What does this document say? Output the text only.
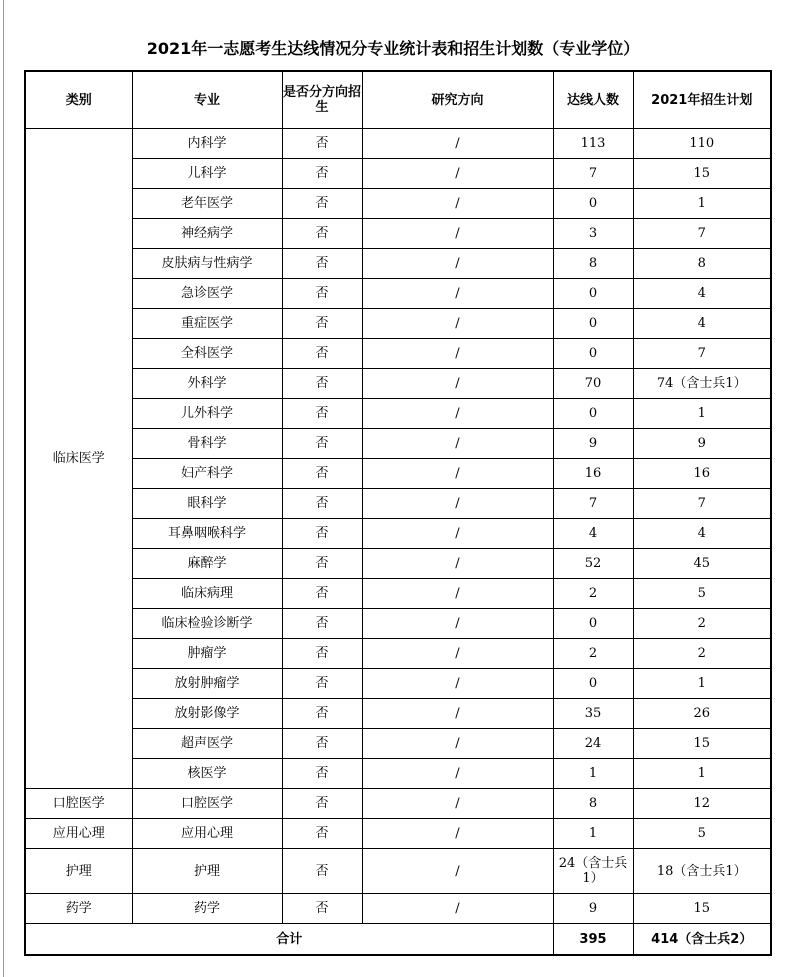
2021年一志愿考生达线情况分专业统计表和招生计划数（专业学位）
类别	专业	是否分方向招生	研究方向	达线人数	2021年招生计划
临床医学	内科学	否	/	113	110
	儿科学	否	/	7	15
	老年医学	否	/	0	1
	神经病学	否	/	3	7
	皮肤病与性病学	否	/	8	8
	急诊医学	否	/	0	4
	重症医学	否	/	0	4
	全科医学	否	/	0	7
	外科学	否	/	70	74（含士兵1）
	儿外科学	否	/	0	1
	骨科学	否	/	9	9
	妇产科学	否	/	16	16
	眼科学	否	/	7	7
	耳鼻咽喉科学	否	/	4	4
	麻醉学	否	/	52	45
	临床病理	否	/	2	5
	临床检验诊断学	否	/	0	2
	肿瘤学	否	/	2	2
	放射肿瘤学	否	/	0	1
	放射影像学	否	/	35	26
	超声医学	否	/	24	15
	核医学	否	/	1	1
口腔医学	口腔医学	否	/	8	12
应用心理	应用心理	否	/	1	5
护理	护理	否	/	24（含士兵1）	18（含士兵1）
药学	药学	否	/	9	15
合计				395	414（含士兵2）
